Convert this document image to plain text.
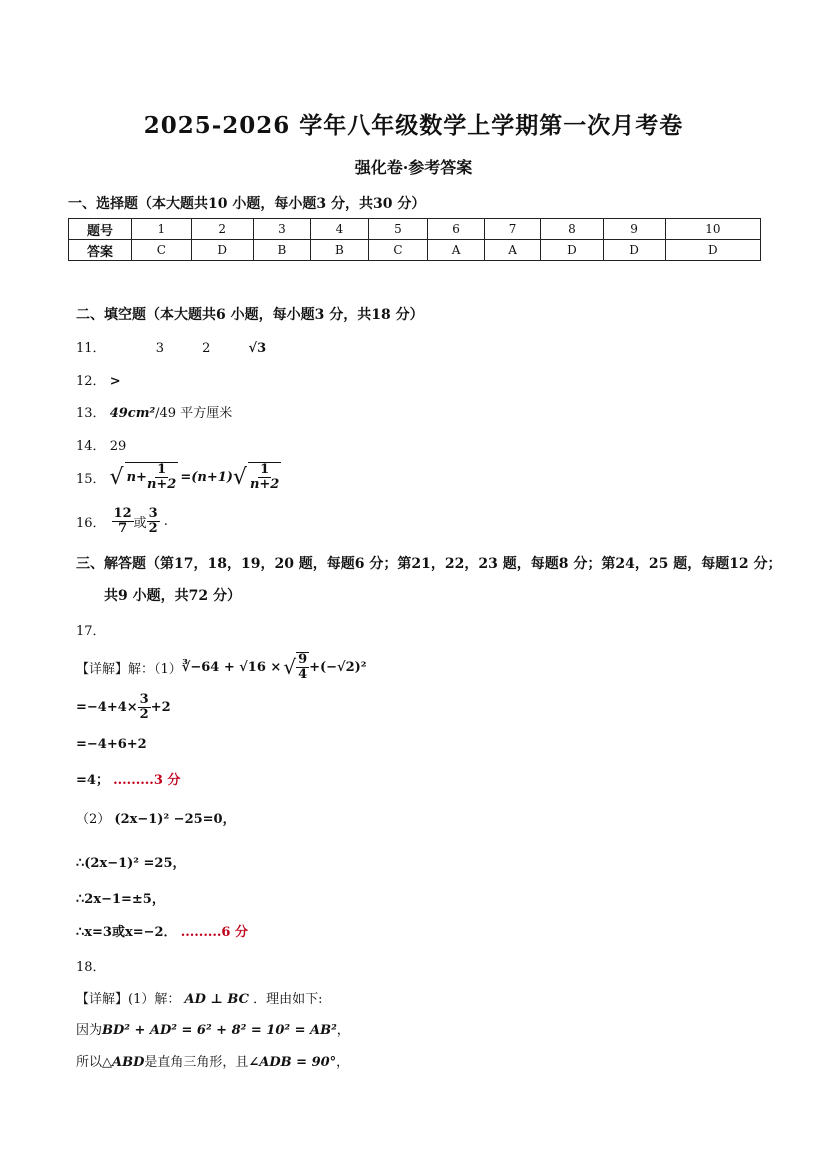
2025-2026 学年八年级数学上学期第一次月考卷
强化卷·参考答案
一、选择题（本大题共10 小题，每小题3 分，共30 分）
题号	1	2	3	4	5	6	7	8	9	10
答案	C	D	B	B	C	A	A	D	D	D
二、填空题（本大题共6 小题，每小题3 分，共18 分）
11．	3	2	√3
12． >
13． 49cm²/49 平方厘米
14． 29
15． √ $n+ \frac{1}{n+2} =(n+1)$ √ $\frac{1}{n+2}$
16． $\frac{12}{7}$ 或 $\frac{3}{2}$ .
三、解答题（第17，18，19，20 题，每题6 分；第21，22，23 题，每题8 分；第24，25 题，每题12 分；
共9 小题，共72 分）
17．
【详解】解：（1） ∛−64 + √16 × √ $\frac{9}{4} +(-√2)^2$
$=-4+4\times \frac{3}{2} +2$
=−4+6+2
=4； .........3 分
（2） (2x−1)² −25=0，
∴(2x−1)² =25，
∴2x−1=±5，
∴x=3或x=−2． .........6 分
18．
【详解】(1）解： AD ⊥ BC ．理由如下:
因为BD² + AD² = 6² + 8² = 10² = AB²，
所以△ABD是直角三角形，且∠ADB = 90°，
